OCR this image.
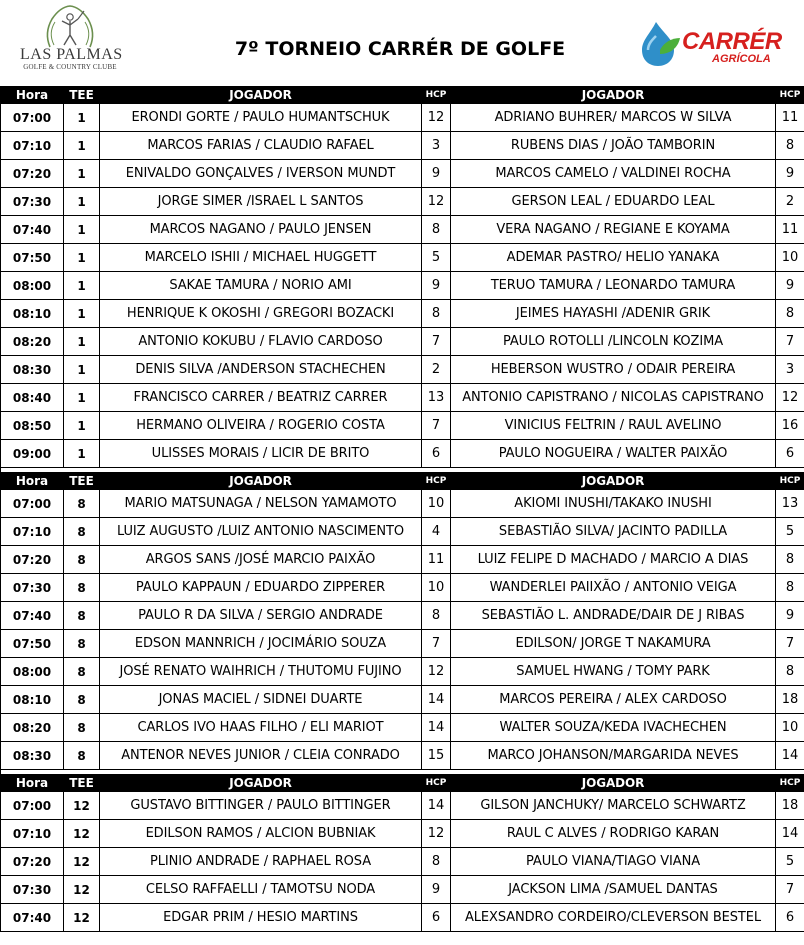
LAS PALMAS
GOLFE & COUNTRY CLUBE
7º TORNEIO CARRÉR DE GOLFE	CARRÉR
AGRÍCOLA
Hora	TEE	JOGADOR	HCP	JOGADOR	HCP
07:00	1	ERONDI GORTE / PAULO HUMANTSCHUK	12	ADRIANO BUHRER/ MARCOS W SILVA	11
07:10	1	MARCOS FARIAS / CLAUDIO RAFAEL	3	RUBENS DIAS / JOÃO TAMBORIN	8
07:20	1	ENIVALDO GONÇALVES / IVERSON MUNDT	9	MARCOS CAMELO / VALDINEI ROCHA	9
07:30	1	JORGE SIMER /ISRAEL L SANTOS	12	GERSON LEAL / EDUARDO LEAL	2
07:40	1	MARCOS NAGANO / PAULO JENSEN	8	VERA NAGANO / REGIANE E KOYAMA	11
07:50	1	MARCELO ISHII / MICHAEL HUGGETT	5	ADEMAR PASTRO/ HELIO YANAKA	10
08:00	1	SAKAE TAMURA / NORIO AMI	9	TERUO TAMURA / LEONARDO TAMURA	9
08:10	1	HENRIQUE K OKOSHI / GREGORI BOZACKI	8	JEIMES HAYASHI /ADENIR GRIK	8
08:20	1	ANTONIO KOKUBU / FLAVIO CARDOSO	7	PAULO ROTOLLI /LINCOLN KOZIMA	7
08:30	1	DENIS SILVA /ANDERSON STACHECHEN	2	HEBERSON WUSTRO / ODAIR PEREIRA	3
08:40	1	FRANCISCO CARRER / BEATRIZ CARRER	13	ANTONIO CAPISTRANO / NICOLAS CAPISTRANO	12
08:50	1	HERMANO OLIVEIRA / ROGERIO COSTA	7	VINICIUS FELTRIN / RAUL AVELINO	16
09:00	1	ULISSES MORAIS / LICIR DE BRITO	6	PAULO NOGUEIRA / WALTER PAIXÃO	6

Hora	TEE	JOGADOR	HCP	JOGADOR	HCP
07:00	8	MARIO MATSUNAGA / NELSON YAMAMOTO	10	AKIOMI INUSHI/TAKAKO INUSHI	13
07:10	8	LUIZ AUGUSTO /LUIZ ANTONIO NASCIMENTO	4	SEBASTIÃO SILVA/ JACINTO PADILLA	5
07:20	8	ARGOS SANS /JOSÉ MARCIO PAIXÃO	11	LUIZ FELIPE D MACHADO / MARCIO A DIAS	8
07:30	8	PAULO KAPPAUN / EDUARDO ZIPPERER	10	WANDERLEI PAIIXÃO / ANTONIO VEIGA	8
07:40	8	PAULO R DA SILVA / SERGIO ANDRADE	8	SEBASTIÃO L. ANDRADE/DAIR DE J RIBAS	9
07:50	8	EDSON MANNRICH / JOCIMÁRIO SOUZA	7	EDILSON/ JORGE T NAKAMURA	7
08:00	8	JOSÉ RENATO WAIHRICH / THUTOMU FUJINO	12	SAMUEL HWANG / TOMY PARK	8
08:10	8	JONAS MACIEL / SIDNEI DUARTE	14	MARCOS PEREIRA / ALEX CARDOSO	18
08:20	8	CARLOS IVO HAAS FILHO / ELI MARIOT	14	WALTER SOUZA/KEDA IVACHECHEN	10
08:30	8	ANTENOR NEVES JUNIOR / CLEIA CONRADO	15	MARCO JOHANSON/MARGARIDA NEVES	14

Hora	TEE	JOGADOR	HCP	JOGADOR	HCP
07:00	12	GUSTAVO BITTINGER / PAULO BITTINGER	14	GILSON JANCHUKY/ MARCELO SCHWARTZ	18
07:10	12	EDILSON RAMOS / ALCION BUBNIAK	12	RAUL C ALVES / RODRIGO KARAN	14
07:20	12	PLINIO ANDRADE / RAPHAEL ROSA	8	PAULO VIANA/TIAGO VIANA	5
07:30	12	CELSO RAFFAELLI / TAMOTSU NODA	9	JACKSON LIMA /SAMUEL DANTAS	7
07:40	12	EDGAR PRIM / HESIO MARTINS	6	ALEXSANDRO CORDEIRO/CLEVERSON BESTEL	6
